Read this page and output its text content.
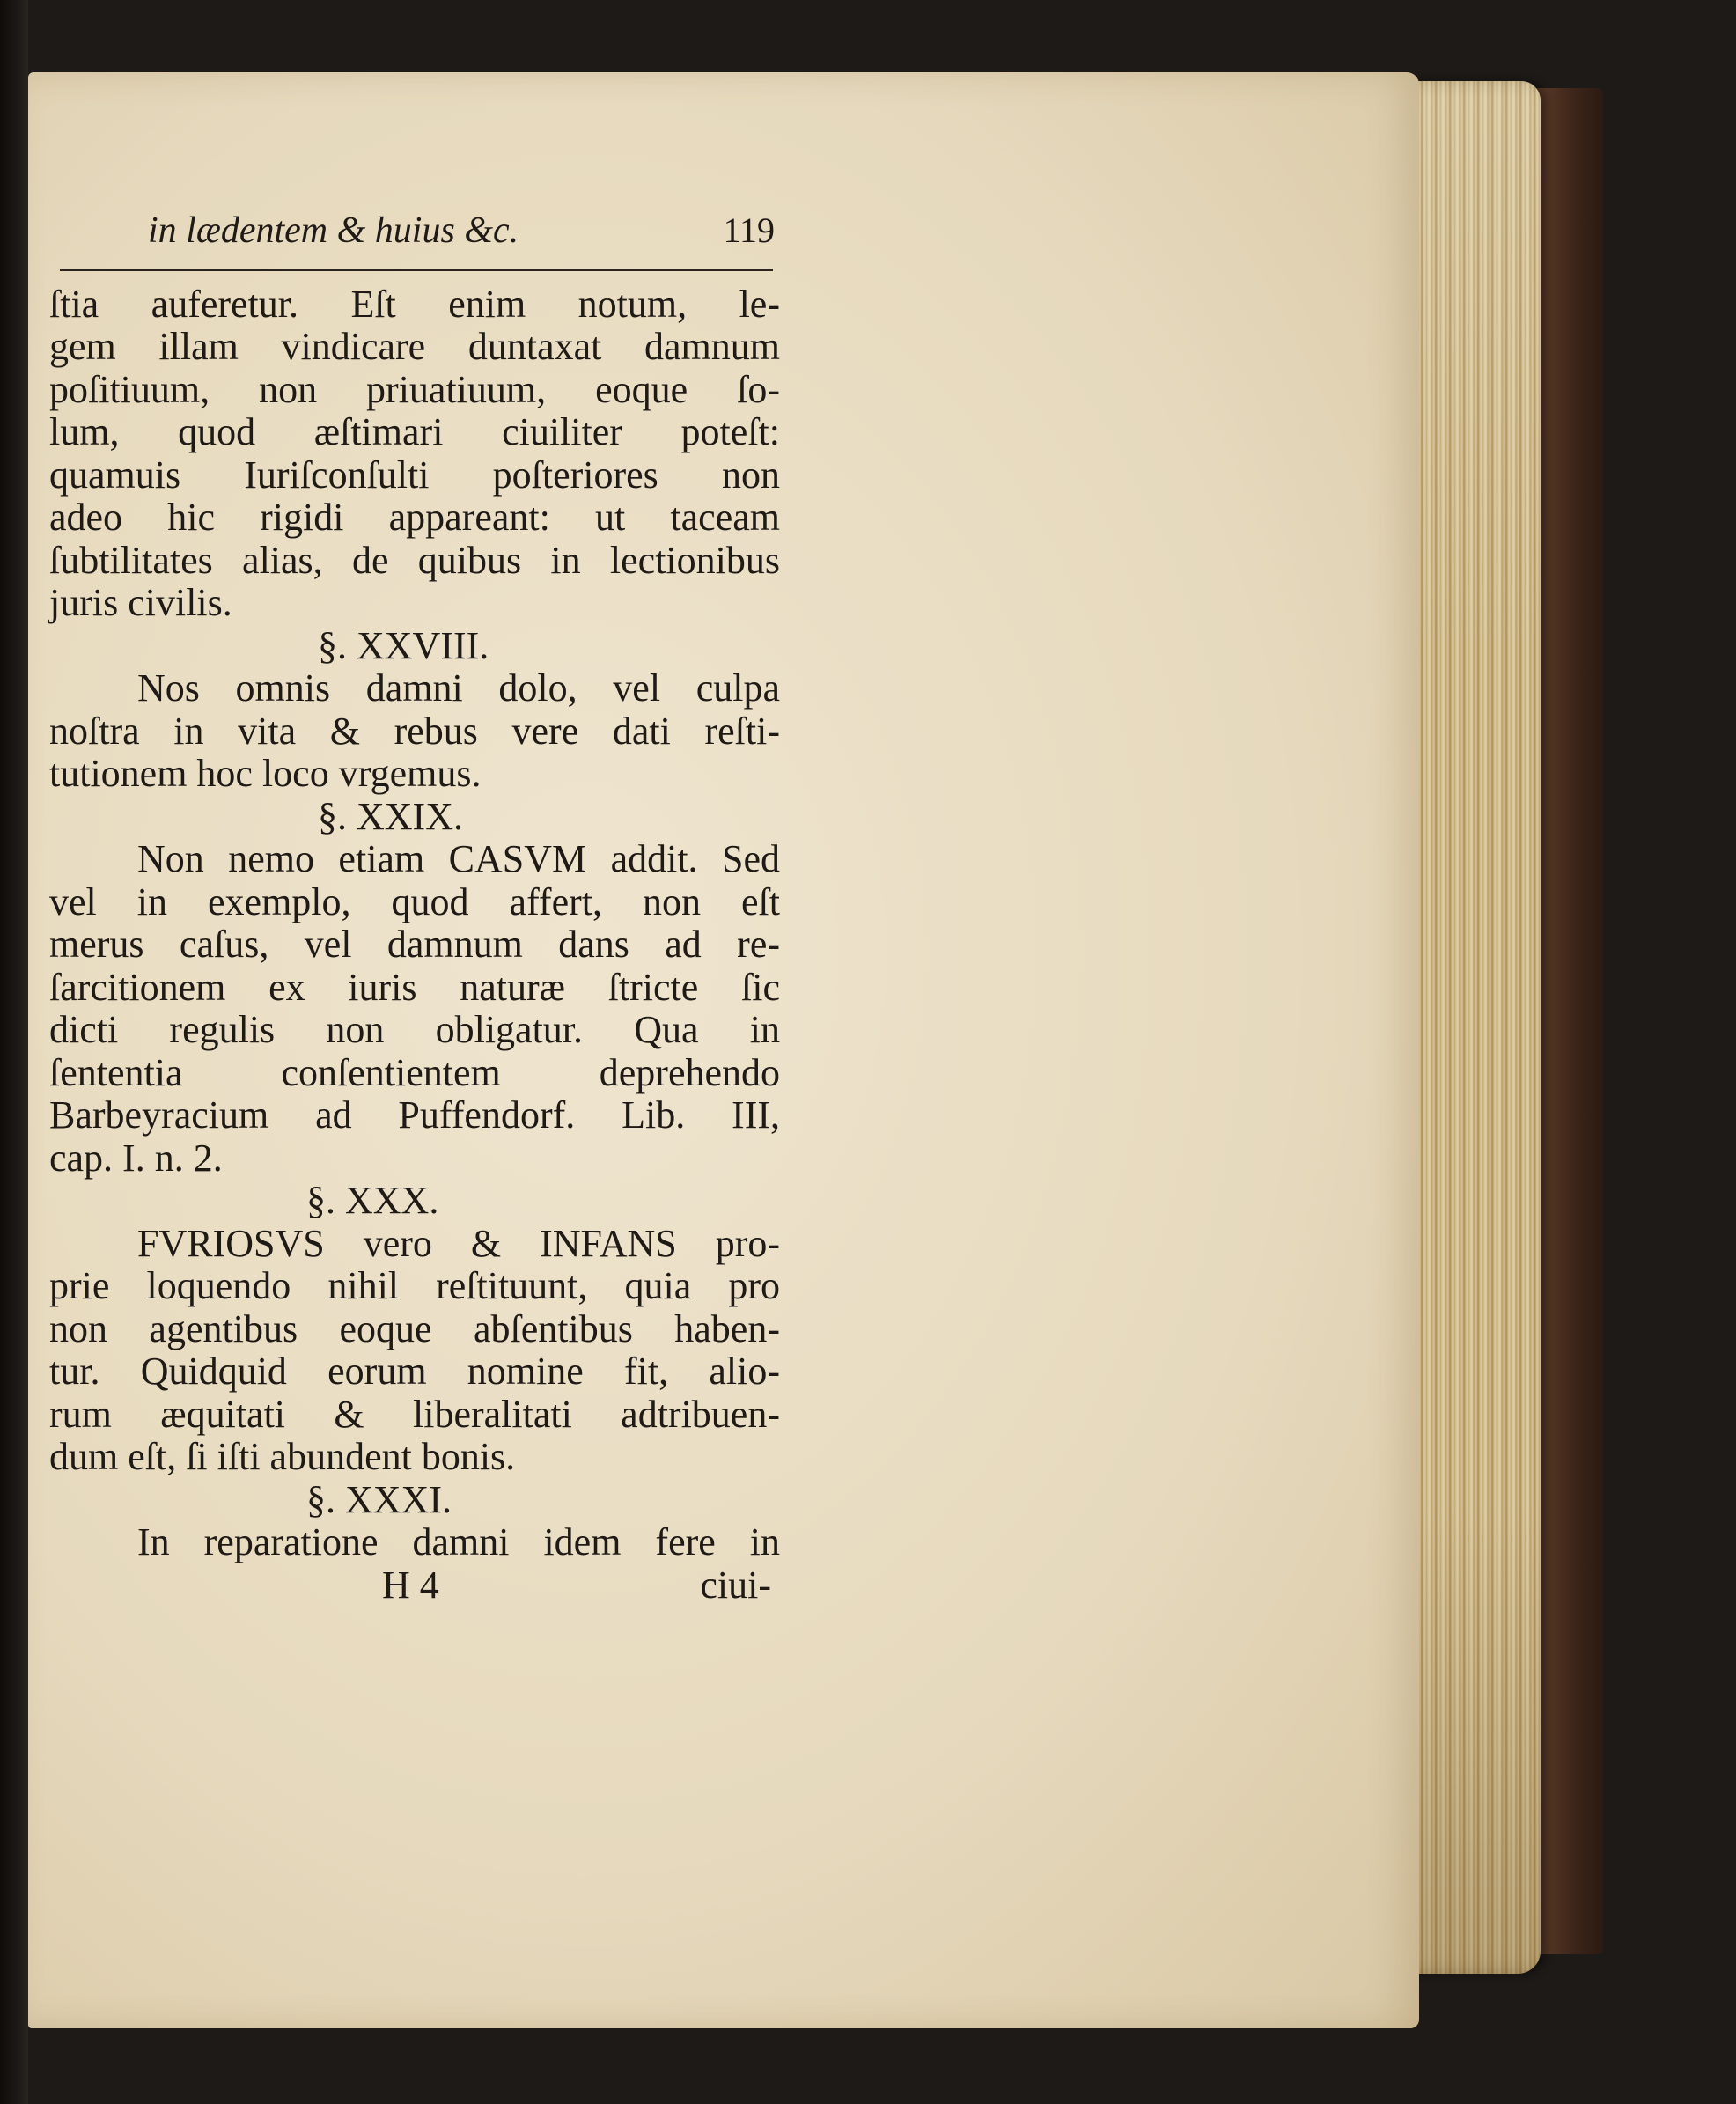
in lædentem & huius &c.	119
ſtia auferetur. Eſt enim notum, le-
gem illam vindicare duntaxat damnum
poſitiuum, non priuatiuum, eoque ſo-
lum, quod æſtimari ciuiliter poteſt:
quamuis Iuriſconſulti poſteriores non
adeo hic rigidi appareant: ut taceam
ſubtilitates alias, de quibus in lectionibus
juris civilis.
§. XXVIII.
Nos omnis damni dolo, vel culpa
noſtra in vita & rebus vere dati reſti-
tutionem hoc loco vrgemus.
§. XXIX.
Non nemo etiam CASVM addit. Sed
vel in exemplo, quod affert, non eſt
merus caſus, vel damnum dans ad re-
ſarcitionem ex iuris naturæ ſtricte ſic
dicti regulis non obligatur. Qua in
ſententia conſentientem deprehendo
Barbeyracium ad Puffendorf. Lib. III,
cap. I. n. 2.
§. XXX.
FVRIOSVS vero & INFANS pro-
prie loquendo nihil reſtituunt, quia pro
non agentibus eoque abſentibus haben-
tur. Quidquid eorum nomine fit, alio-
rum æquitati & liberalitati adtribuen-
dum eſt, ſi iſti abundent bonis.
§. XXXI.
In reparatione damni idem fere in
H 4	ciui-
